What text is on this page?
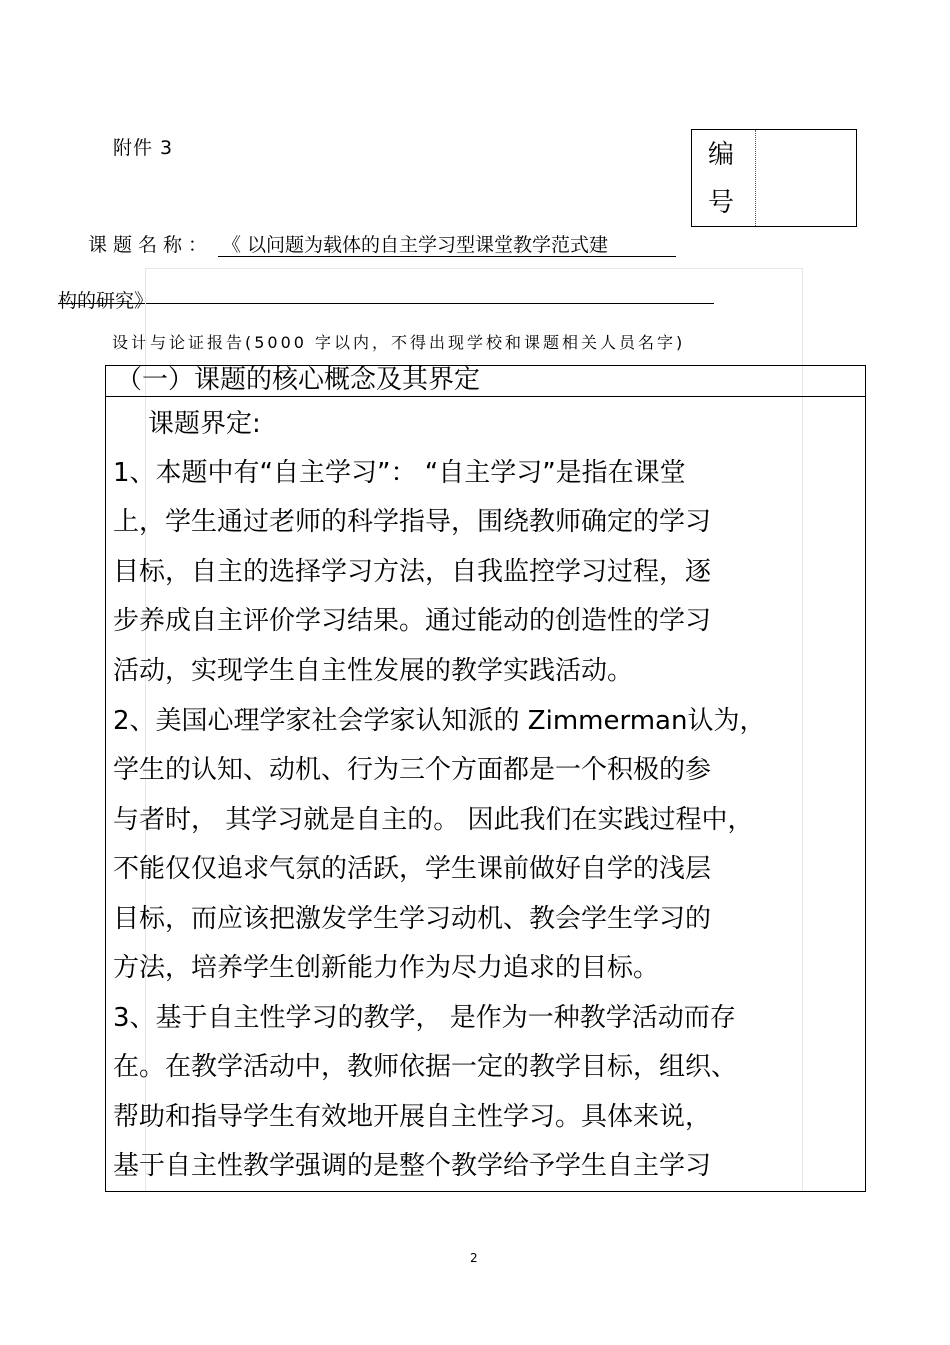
附件 3	编
号
课题名称： 《 以问题为载体的自主学习型课堂教学范式建
构的研究》
设计与论证报告(5000 字以内，不得出现学校和课题相关人员名字)
（一）课题的核心概念及其界定
课题界定:
1、本题中有“自主学习”： “自主学习”是指在课堂
上，学生通过老师的科学指导，围绕教师确定的学习
目标，自主的选择学习方法，自我监控学习过程，逐
步养成自主评价学习结果。通过能动的创造性的学习
活动，实现学生自主性发展的教学实践活动。
2、美国心理学家社会学家认知派的 Zimmerman认为，
学生的认知、动机、行为三个方面都是一个积极的参
与者时， 其学习就是自主的。 因此我们在实践过程中，
不能仅仅追求气氛的活跃，学生课前做好自学的浅层
目标，而应该把激发学生学习动机、教会学生学习的
方法，培养学生创新能力作为尽力追求的目标。
3、基于自主性学习的教学， 是作为一种教学活动而存
在。在教学活动中，教师依据一定的教学目标，组织、
帮助和指导学生有效地开展自主性学习。具体来说，
基于自主性教学强调的是整个教学给予学生自主学习
2
